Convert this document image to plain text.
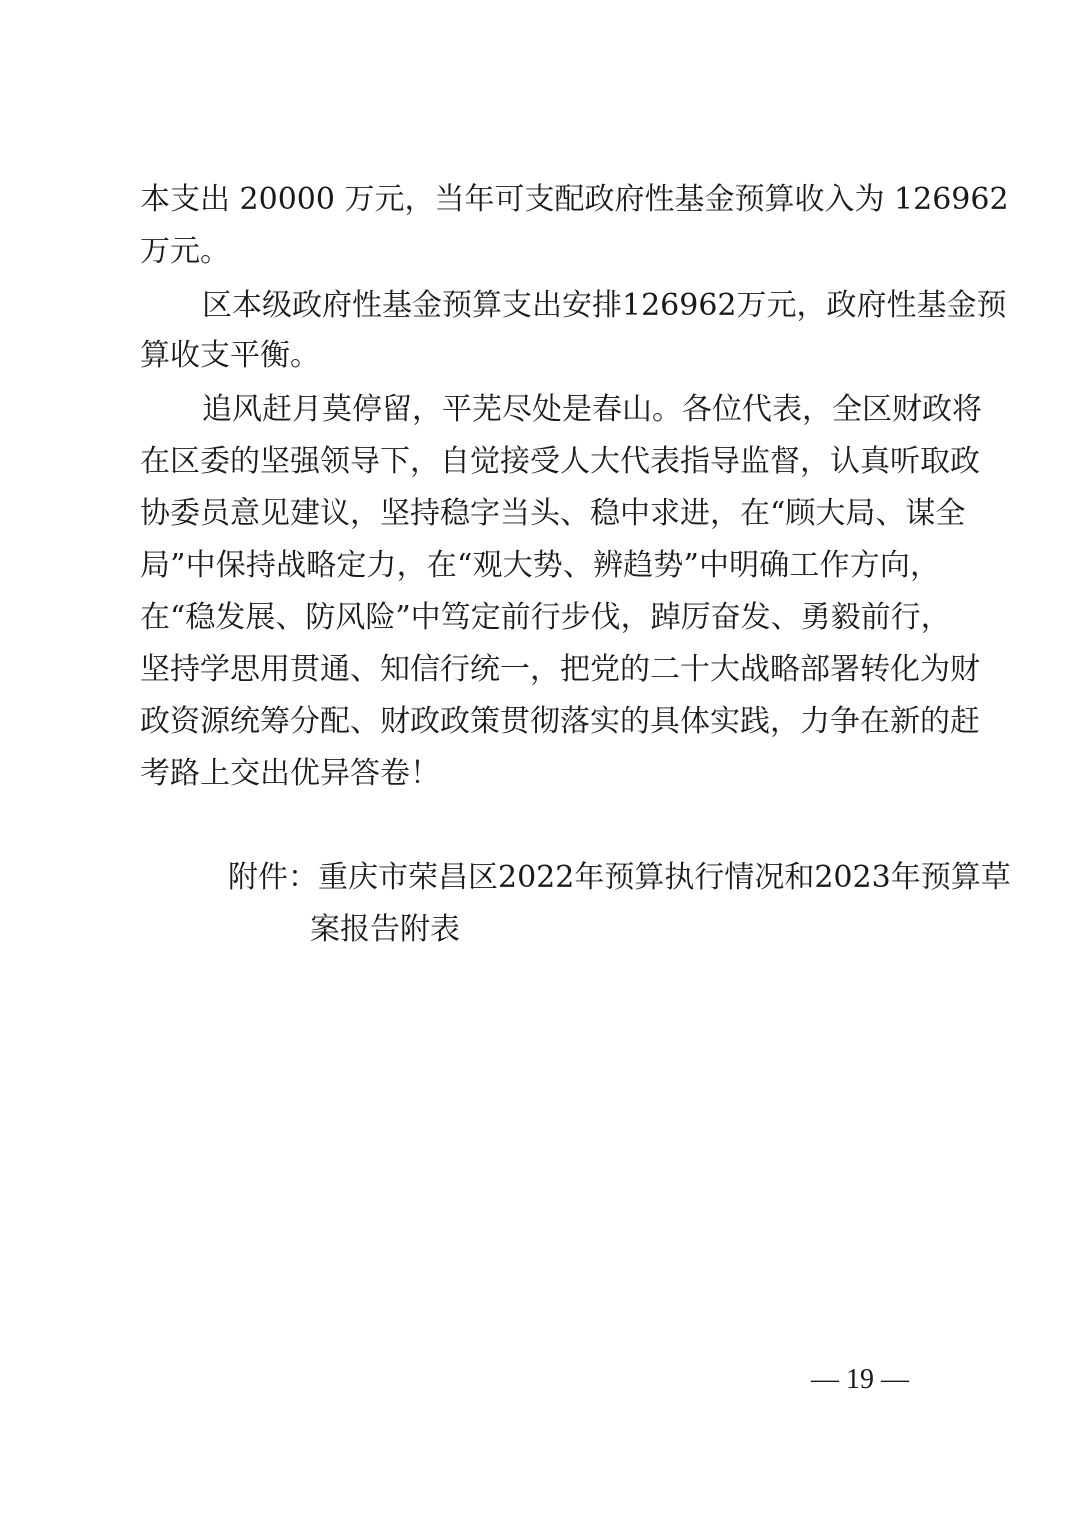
本支出 20000 万元，当年可支配政府性基金预算收入为 126962
万元。
区本级政府性基金预算支出安排126962万元，政府性基金预
算收支平衡。
追风赶月莫停留，平芜尽处是春山。各位代表，全区财政将
在区委的坚强领导下，自觉接受人大代表指导监督，认真听取政
协委员意见建议，坚持稳字当头、稳中求进，在“顾大局、谋全
局”中保持战略定力，在“观大势、辨趋势”中明确工作方向，
在“稳发展、防风险”中笃定前行步伐，踔厉奋发、勇毅前行，
坚持学思用贯通、知信行统一，把党的二十大战略部署转化为财
政资源统筹分配、财政政策贯彻落实的具体实践，力争在新的赶
考路上交出优异答卷！
附件：重庆市荣昌区2022年预算执行情况和2023年预算草
案报告附表
— 19 —
